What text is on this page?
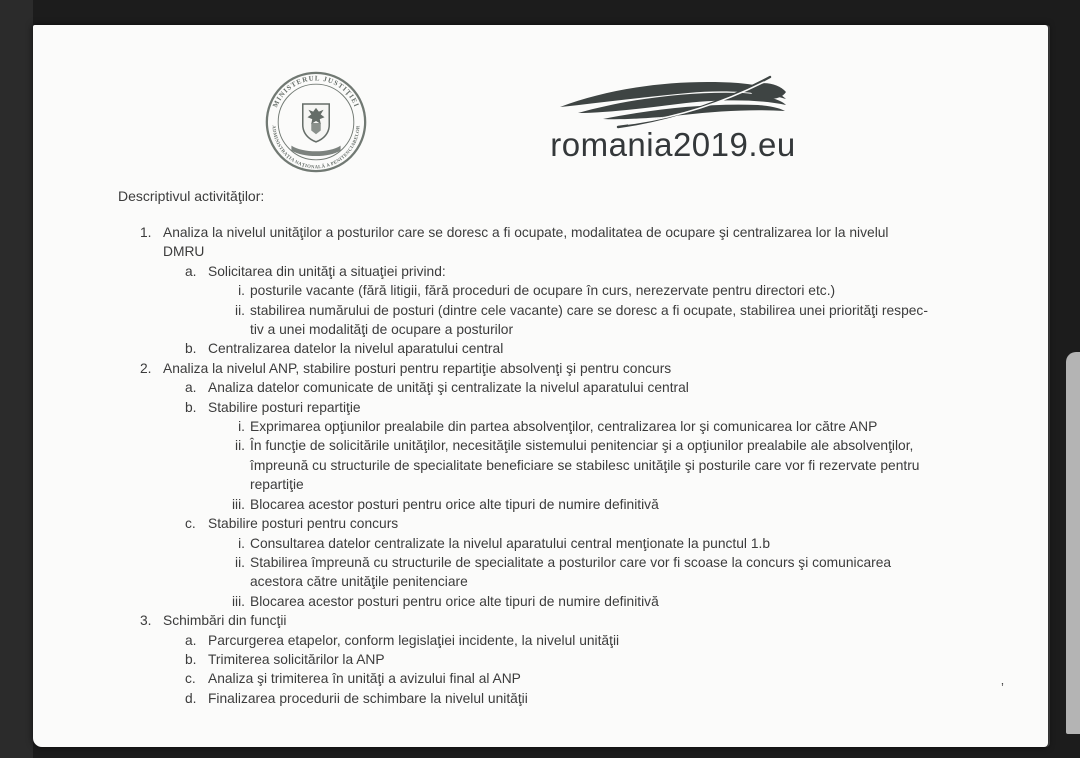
MINISTERUL JUSTIŢIEI
ADMINISTRAŢIA NAŢIONALĂ A PENITENCIARELOR	romania2019.eu
Descriptivul activităţilor:
1. Analiza la nivelul unităţilor a posturilor care se doresc a fi ocupate, modalitatea de ocupare şi centralizarea lor la nivelul
DMRU
a. Solicitarea din unităţi a situaţiei privind:
i. posturile vacante (fără litigii, fără proceduri de ocupare în curs, nerezervate pentru directori etc.)
ii. stabilirea numărului de posturi (dintre cele vacante) care se doresc a fi ocupate, stabilirea unei priorităţi respec-
tiv a unei modalităţi de ocupare a posturilor
b. Centralizarea datelor la nivelul aparatului central
2. Analiza la nivelul ANP, stabilire posturi pentru repartiţie absolvenţi şi pentru concurs
a. Analiza datelor comunicate de unităţi şi centralizate la nivelul aparatului central
b. Stabilire posturi repartiţie
i. Exprimarea opţiunilor prealabile din partea absolvenţilor, centralizarea lor şi comunicarea lor către ANP
ii. În funcţie de solicitările unităţilor, necesităţile sistemului penitenciar şi a opţiunilor prealabile ale absolvenţilor,
împreună cu structurile de specialitate beneficiare se stabilesc unităţile şi posturile care vor fi rezervate pentru
repartiţie
iii. Blocarea acestor posturi pentru orice alte tipuri de numire definitivă
c. Stabilire posturi pentru concurs
i. Consultarea datelor centralizate la nivelul aparatului central menţionate la punctul 1.b
ii. Stabilirea împreună cu structurile de specialitate a posturilor care vor fi scoase la concurs şi comunicarea
acestora către unităţile penitenciare
iii. Blocarea acestor posturi pentru orice alte tipuri de numire definitivă
3. Schimbări din funcţii
a. Parcurgerea etapelor, conform legislaţiei incidente, la nivelul unităţii
b. Trimiterea solicitărilor la ANP
c. Analiza şi trimiterea în unităţi a avizului final al ANP
d. Finalizarea procedurii de schimbare la nivelul unităţii
’
